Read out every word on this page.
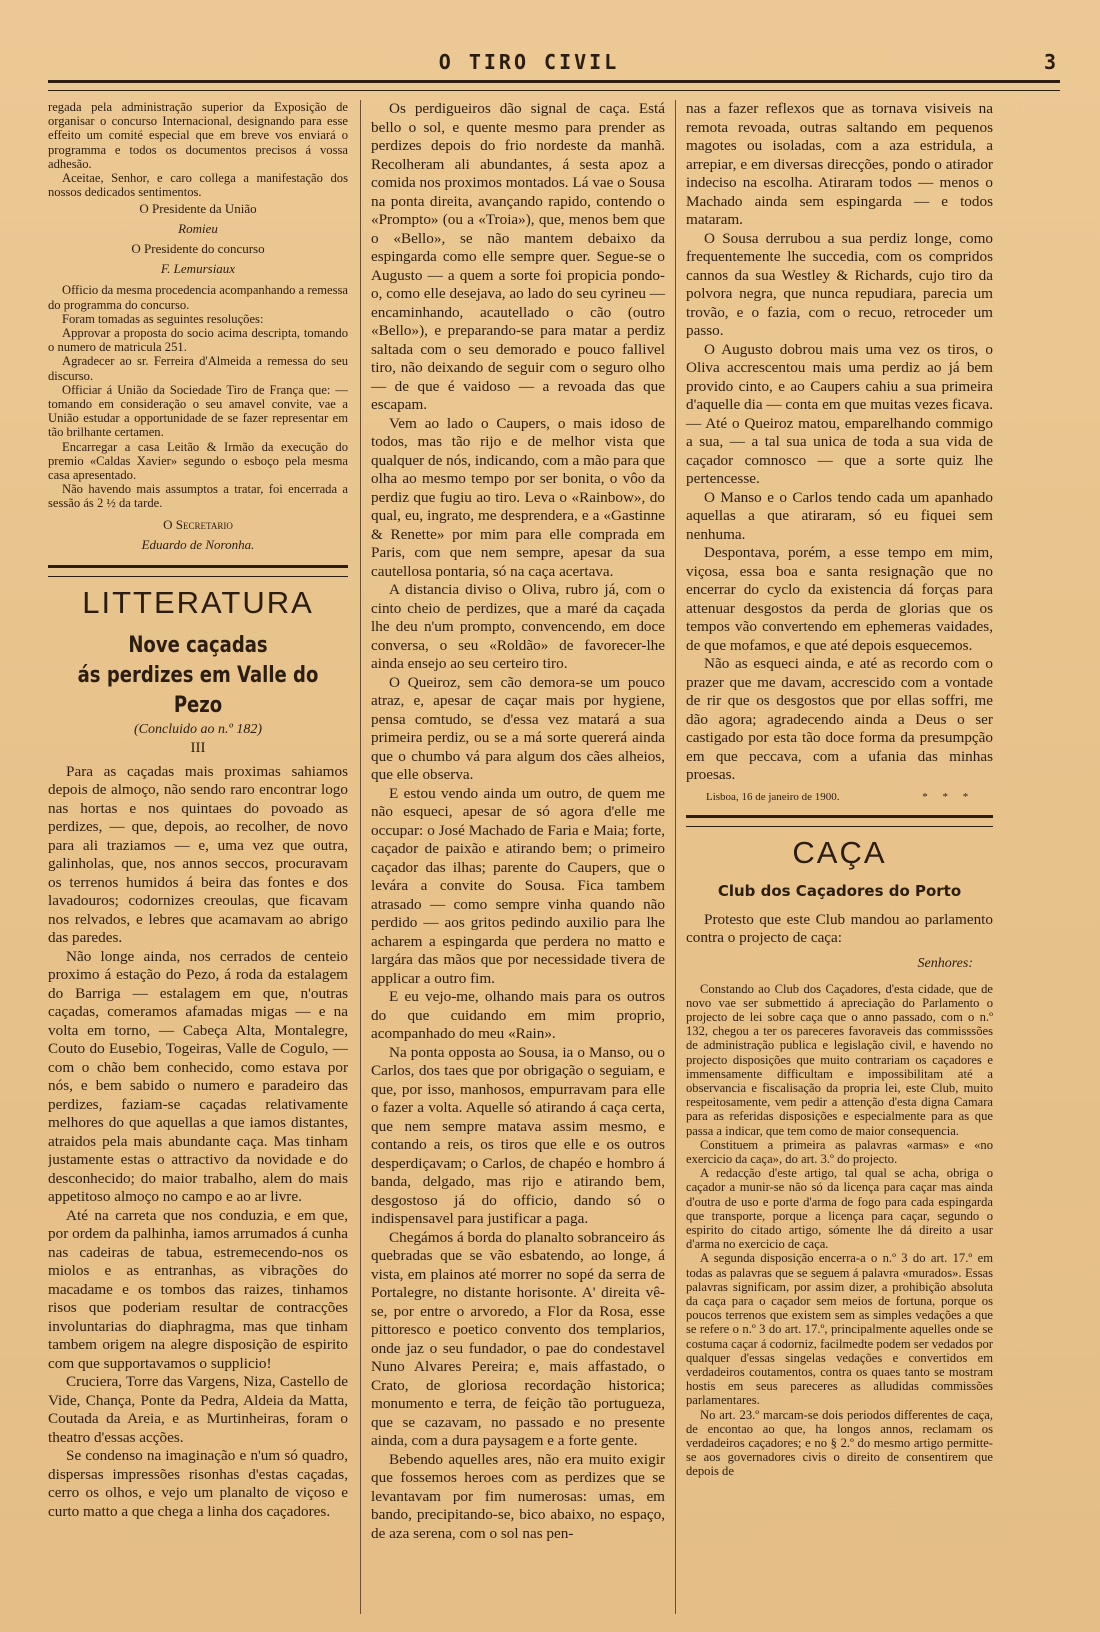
O TIRO CIVIL	3

regada pela administração superior da Exposição de organisar o concurso Internacional, designando para esse effeito um comité especial que em breve vos enviará o programma e todos os documentos precisos á vossa adhesão.

Aceitae, Senhor, e caro collega a manifestação dos nossos dedicados sentimentos.

O Presidente da União
Romieu
O Presidente do concurso
F. Lemursiaux

Officio da mesma procedencia acompanhando a remessa do programma do concurso.

Foram tomadas as seguintes resoluções:

Approvar a proposta do socio acima descripta, tomando o numero de matricula 251.

Agradecer ao sr. Ferreira d'Almeida a remessa do seu discurso.

Officiar á União da Sociedade Tiro de França que: — tomando em consideração o seu amavel convite, vae a União estudar a opportunidade de se fazer representar em tão brilhante certamen.

Encarregar a casa Leitão & Irmão da execução do premio «Caldas Xavier» segundo o esboço pela mesma casa apresentado.

Não havendo mais assumptos a tratar, foi encerrada a sessão ás 2 ½ da tarde.

O Secretario
Eduardo de Noronha.
LITTERATURA
Nove caçadas
ás perdizes em Valle do Pezo
(Concluido ao n.º 182)
III

Para as caçadas mais proximas sahiamos depois de almoço, não sendo raro encontrar logo nas hortas e nos quintaes do povoado as perdizes, — que, depois, ao recolher, de novo para ali traziamos — e, uma vez que outra, galinholas, que, nos annos seccos, procuravam os terrenos humidos á beira das fontes e dos lavadouros; codornizes creoulas, que ficavam nos relvados, e lebres que acamavam ao abrigo das paredes.

Não longe ainda, nos cerrados de centeio proximo á estação do Pezo, á roda da estalagem do Barriga — estalagem em que, n'outras caçadas, comeramos afamadas migas — e na volta em torno, — Cabeça Alta, Montalegre, Couto do Eusebio, Togeiras, Valle de Cogulo, — com o chão bem conhecido, como estava por nós, e bem sabido o numero e paradeiro das perdizes, faziam-se caçadas relativamente melhores do que aquellas a que iamos distantes, atraidos pela mais abundante caça. Mas tinham justamente estas o attractivo da novidade e do desconhecido; do maior trabalho, alem do mais appetitoso almoço no campo e ao ar livre.

Até na carreta que nos conduzia, e em que, por ordem da palhinha, iamos arrumados á cunha nas cadeiras de tabua, estremecendo-nos os miolos e as entranhas, as vibrações do macadame e os tombos das raizes, tinhamos risos que poderiam resultar de contracções involuntarias do diaphragma, mas que tinham tambem origem na alegre disposição de espirito com que supportavamos o supplicio!

Cruciera, Torre das Vargens, Niza, Castello de Vide, Chança, Ponte da Pedra, Aldeia da Matta, Coutada da Areia, e as Murtinheiras, foram o theatro d'essas acções.

Se condenso na imaginação e n'um só quadro, dispersas impressões risonhas d'estas caçadas, cerro os olhos, e vejo um planalto de viçoso e curto matto a que chega a linha dos caçadores.

Os perdigueiros dão signal de caça. Está bello o sol, e quente mesmo para prender as perdizes depois do frio nordeste da manhã. Recolheram ali abundantes, á sesta apoz a comida nos proximos montados. Lá vae o Sousa na ponta direita, avançando rapido, contendo o «Prompto» (ou a «Troia»), que, menos bem que o «Bello», se não mantem debaixo da espingarda como elle sempre quer. Segue-se o Augusto — a quem a sorte foi propicia pondo-o, como elle desejava, ao lado do seu cyrineu — encaminhando, acautellado o cão (outro «Bello»), e preparando-se para matar a perdiz saltada com o seu demorado e pouco fallivel tiro, não deixando de seguir com o seguro olho — de que é vaidoso — a revoada das que escapam.

Vem ao lado o Caupers, o mais idoso de todos, mas tão rijo e de melhor vista que qualquer de nós, indicando, com a mão para que olha ao mesmo tempo por ser bonita, o vôo da perdiz que fugiu ao tiro. Leva o «Rainbow», do qual, eu, ingrato, me desprendera, e a «Gastinne & Renette» por mim para elle comprada em Paris, com que nem sempre, apesar da sua cautellosa pontaria, só na caça acertava.

A distancia diviso o Oliva, rubro já, com o cinto cheio de perdizes, que a maré da caçada lhe deu n'um prompto, convencendo, em doce conversa, o seu «Roldão» de favorecer-lhe ainda ensejo ao seu certeiro tiro.

O Queiroz, sem cão demora-se um pouco atraz, e, apesar de caçar mais por hygiene, pensa comtudo, se d'essa vez matará a sua primeira perdiz, ou se a má sorte quererá ainda que o chumbo vá para algum dos cães alheios, que elle observa.

E estou vendo ainda um outro, de quem me não esqueci, apesar de só agora d'elle me occupar: o José Machado de Faria e Maia; forte, caçador de paixão e atirando bem; o primeiro caçador das ilhas; parente do Caupers, que o levára a convite do Sousa. Fica tambem atrasado — como sempre vinha quando não perdido — aos gritos pedindo auxilio para lhe acharem a espingarda que perdera no matto e largára das mãos que por necessidade tivera de applicar a outro fim.

E eu vejo-me, olhando mais para os outros do que cuidando em mim proprio, acompanhado do meu «Rain».

Na ponta opposta ao Sousa, ia o Manso, ou o Carlos, dos taes que por obrigação o seguiam, e que, por isso, manhosos, empurravam para elle o fazer a volta. Aquelle só atirando á caça certa, que nem sempre matava assim mesmo, e contando a reis, os tiros que elle e os outros desperdiçavam; o Carlos, de chapéo e hombro á banda, delgado, mas rijo e atirando bem, desgostoso já do officio, dando só o indispensavel para justificar a paga.

Chegámos á borda do planalto sobranceiro ás quebradas que se vão esbatendo, ao longe, á vista, em plainos até morrer no sopé da serra de Portalegre, no distante horisonte. A' direita vê-se, por entre o arvoredo, a Flor da Rosa, esse pittoresco e poetico convento dos templarios, onde jaz o seu fundador, o pae do condestavel Nuno Alvares Pereira; e, mais affastado, o Crato, de gloriosa recordação historica; monumento e terra, de feição tão portugueza, que se cazavam, no passado e no presente ainda, com a dura paysagem e a forte gente.

Bebendo aquelles ares, não era muito exigir que fossemos heroes com as perdizes que se levantavam por fim numerosas: umas, em bando, precipitando-se, bico abaixo, no espaço, de aza serena, com o sol nas pen-

nas a fazer reflexos que as tornava visiveis na remota revoada, outras saltando em pequenos magotes ou isoladas, com a aza estridula, a arrepiar, e em diversas direcções, pondo o atirador indeciso na escolha. Atiraram todos — menos o Machado ainda sem espingarda — e todos mataram.

O Sousa derrubou a sua perdiz longe, como frequentemente lhe succedia, com os compridos cannos da sua Westley & Richards, cujo tiro da polvora negra, que nunca repudiara, parecia um trovão, e o fazia, com o recuo, retroceder um passo.

O Augusto dobrou mais uma vez os tiros, o Oliva accrescentou mais uma perdiz ao já bem provido cinto, e ao Caupers cahiu a sua primeira d'aquelle dia — conta em que muitas vezes ficava. — Até o Queiroz matou, emparelhando commigo a sua, — a tal sua unica de toda a sua vida de caçador comnosco — que a sorte quiz lhe pertencesse.

O Manso e o Carlos tendo cada um apanhado aquellas a que atiraram, só eu fiquei sem nenhuma.

Despontava, porém, a esse tempo em mim, viçosa, essa boa e santa resignação que no encerrar do cyclo da existencia dá forças para attenuar desgostos da perda de glorias que os tempos vão convertendo em ephemeras vaidades, de que mofamos, e que até depois esquecemos.

Não as esqueci ainda, e até as recordo com o prazer que me davam, accrescido com a vontade de rir que os desgostos que por ellas soffri, me dão agora; agradecendo ainda a Deus o ser castigado por esta tão doce forma da presumpção em que peccava, com a ufania das minhas proesas.

Lisboa, 16 de janeiro de 1900.	* * *
CAÇA
Club dos Caçadores do Porto

Protesto que este Club mandou ao parlamento contra o projecto de caça:

Senhores:

Constando ao Club dos Caçadores, d'esta cidade, que de novo vae ser submettido á apreciação do Parlamento o projecto de lei sobre caça que o anno passado, com o n.º 132, chegou a ter os pareceres favoraveis das commisssões de administração publica e legislação civil, e havendo no projecto disposições que muito contrariam os caçadores e immensamente difficultam e impossibilitam até a observancia e fiscalisação da propria lei, este Club, muito respeitosamente, vem pedir a attenção d'esta digna Camara para as referidas disposições e especialmente para as que passa a indicar, que tem como de maior consequencia.

Constituem a primeira as palavras «armas» e «no exercicio da caça», do art. 3.º do projecto.

A redacção d'este artigo, tal qual se acha, obriga o caçador a munir-se não só da licença para caçar mas ainda d'outra de uso e porte d'arma de fogo para cada espingarda que transporte, porque a licença para caçar, segundo o espirito do citado artigo, sómente lhe dá direito a usar d'arma no exercicio de caça.

A segunda disposição encerra-a o n.º 3 do art. 17.º em todas as palavras que se seguem á palavra «murados». Essas palavras significam, por assim dizer, a prohibição absoluta da caça para o caçador sem meios de fortuna, porque os poucos terrenos que existem sem as simples vedações a que se refere o n.º 3 do art. 17.º, principalmente aquelles onde se costuma caçar á codorniz, facilmedte podem ser vedados por qualquer d'essas singelas vedações e convertidos em verdadeiros coutamentos, contra os quaes tanto se mostram hostis em seus pareceres as alludidas commissões parlamentares.

No art. 23.º marcam-se dois periodos differentes de caça, de encontao ao que, ha longos annos, reclamam os verdadeiros caçadores; e no § 2.º do mesmo artigo permitte-se aos governadores civis o direito de consentirem que depois de
